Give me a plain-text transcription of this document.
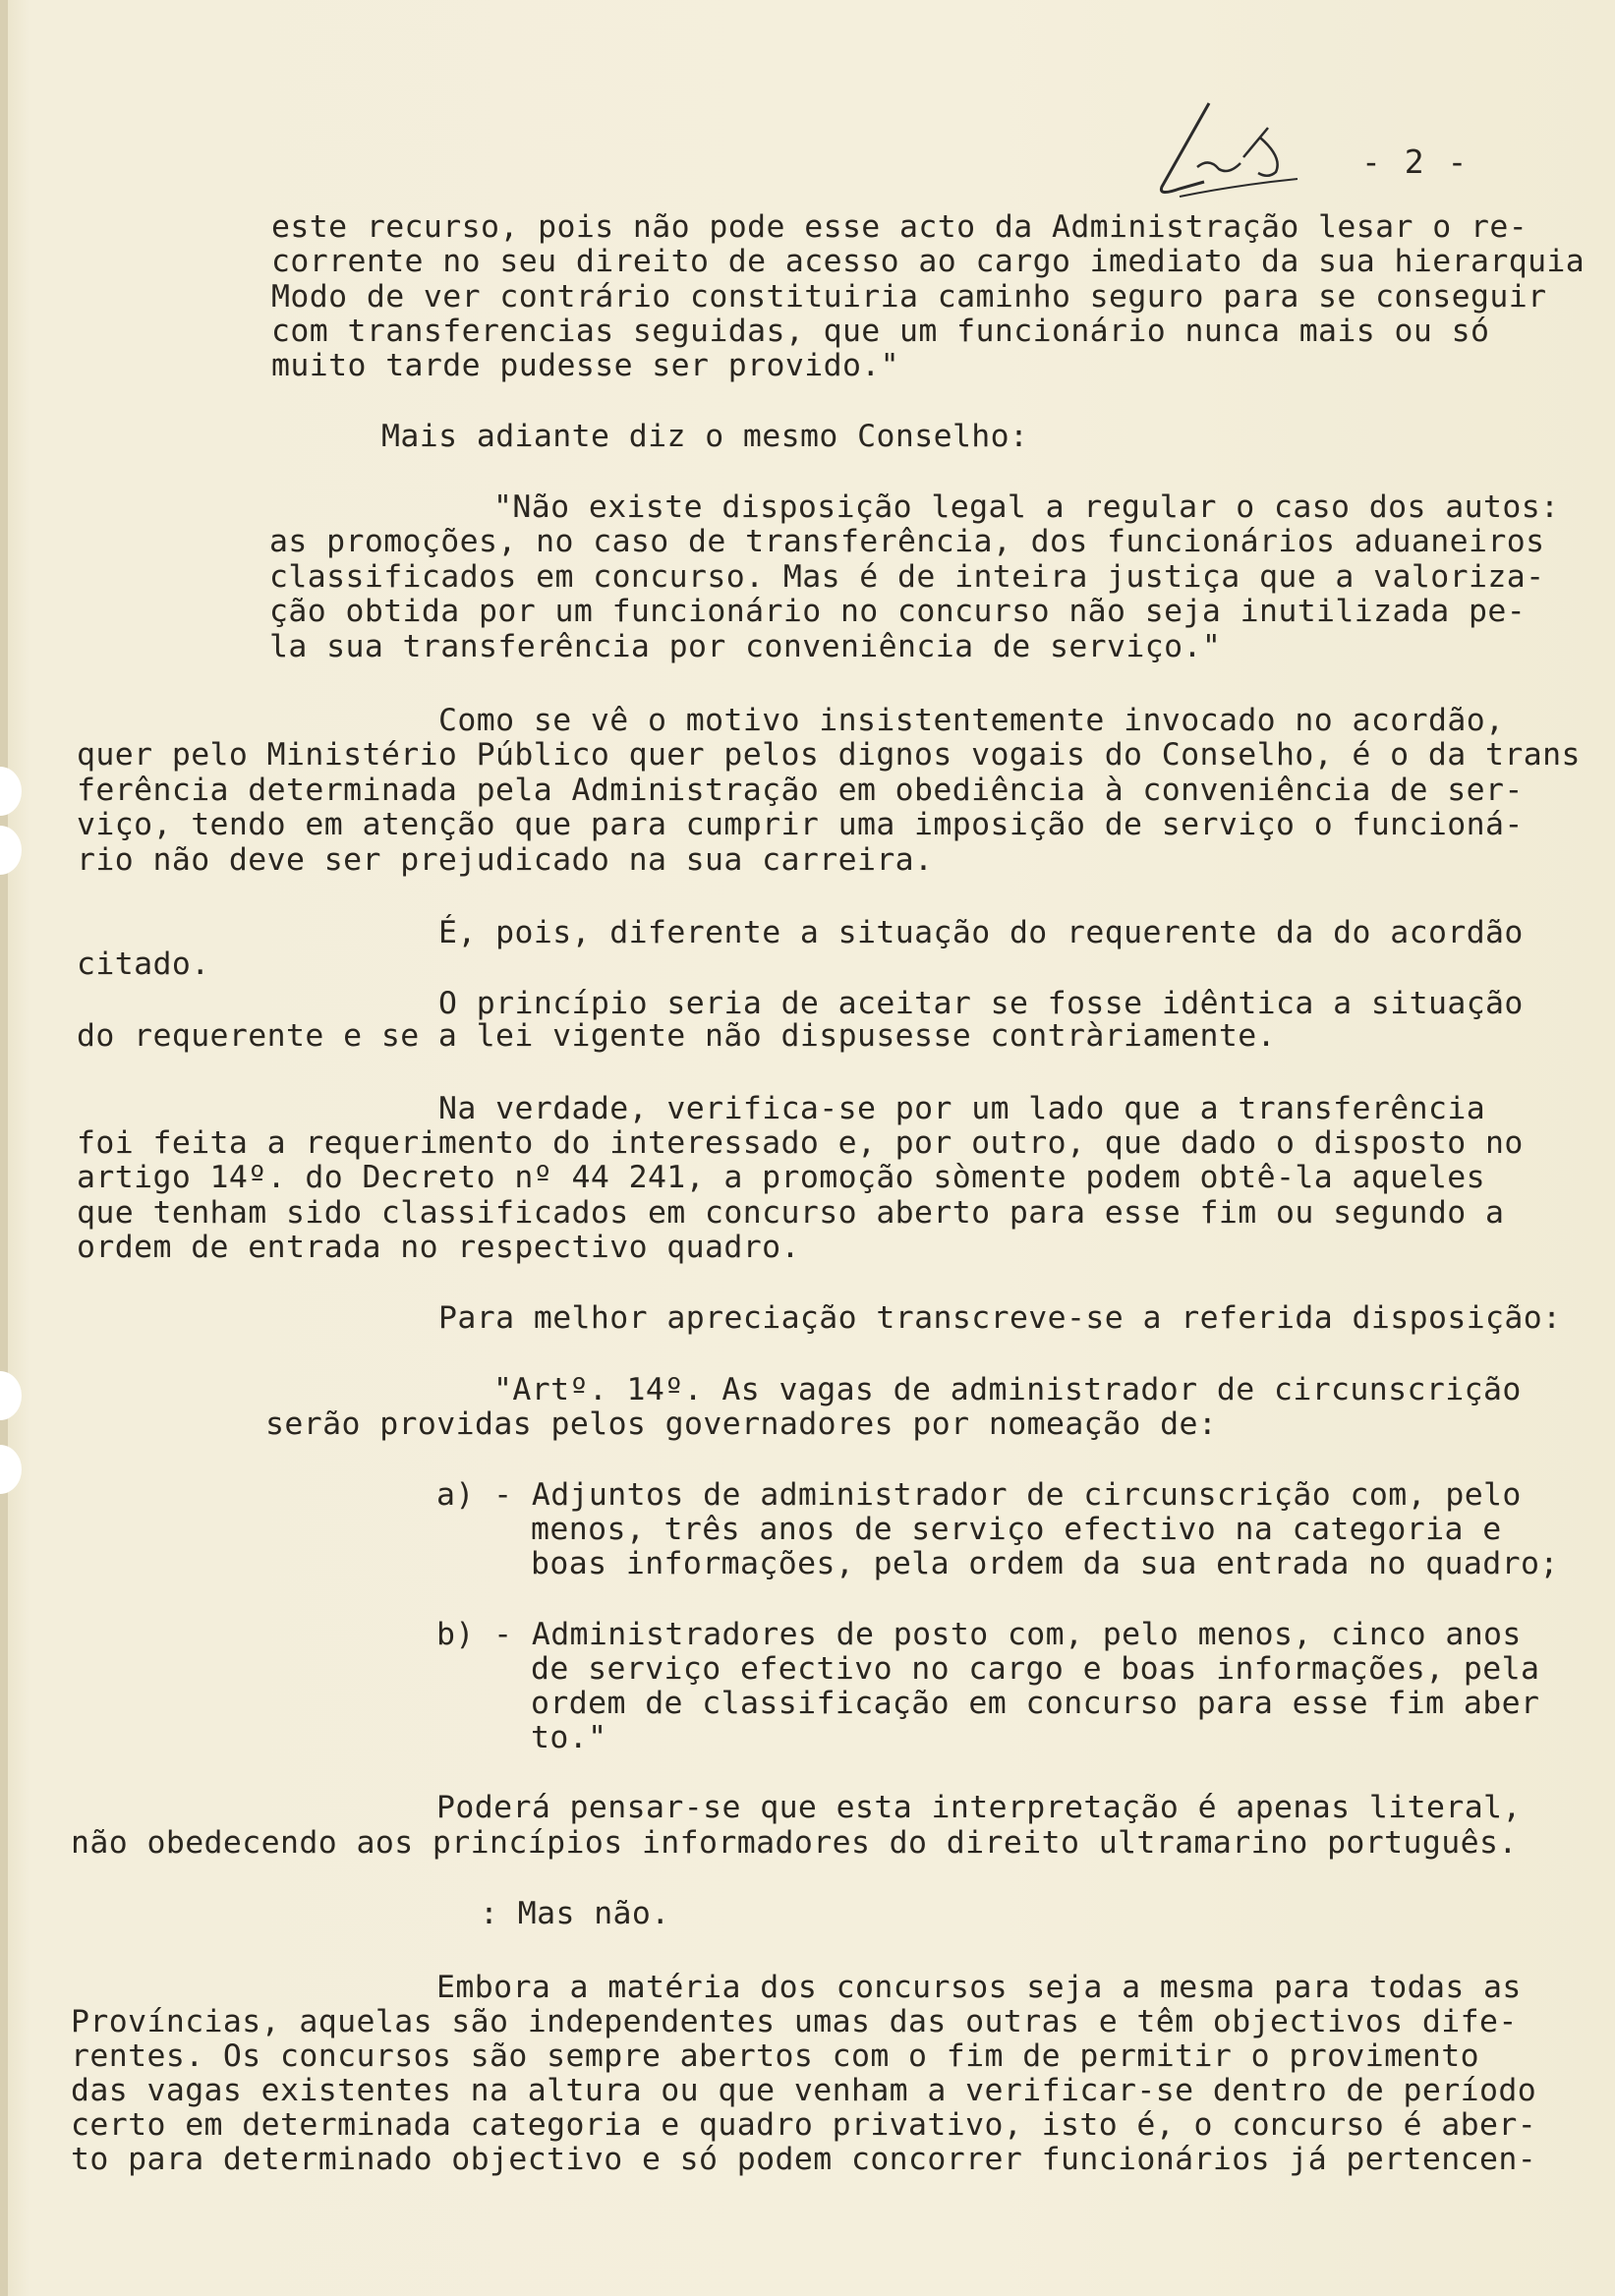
- 2 -
este recurso, pois não pode esse acto da Administração lesar o re-
corrente no seu direito de acesso ao cargo imediato da sua hierarquia
Modo de ver contrário constituiria caminho seguro para se conseguir
com transferencias seguidas, que um funcionário nunca mais ou só
muito tarde pudesse ser provido."
Mais adiante diz o mesmo Conselho:
"Não existe disposição legal a regular o caso dos autos:
as promoções, no caso de transferência, dos funcionários aduaneiros
classificados em concurso. Mas é de inteira justiça que a valoriza-
ção obtida por um funcionário no concurso não seja inutilizada pe-
la sua transferência por conveniência de serviço."
Como se vê o motivo insistentemente invocado no acordão,
quer pelo Ministério Público quer pelos dignos vogais do Conselho, é o da trans
ferência determinada pela Administração em obediência à conveniência de ser-
viço, tendo em atenção que para cumprir uma imposição de serviço o funcioná-
rio não deve ser prejudicado na sua carreira.
É, pois, diferente a situação do requerente da do acordão
citado.
O princípio seria de aceitar se fosse idêntica a situação
do requerente e se a lei vigente não dispusesse contràriamente.
Na verdade, verifica-se por um lado que a transferência
foi feita a requerimento do interessado e, por outro, que dado o disposto no
artigo 14º. do Decreto nº 44 241, a promoção sòmente podem obtê-la aqueles
que tenham sido classificados em concurso aberto para esse fim ou segundo a
ordem de entrada no respectivo quadro.
Para melhor apreciação transcreve-se a referida disposição:
"Artº. 14º. As vagas de administrador de circunscrição
serão providas pelos governadores por nomeação de:
a) - Adjuntos de administrador de circunscrição com, pelo
menos, três anos de serviço efectivo na categoria e
boas informações, pela ordem da sua entrada no quadro;
b) - Administradores de posto com, pelo menos, cinco anos
de serviço efectivo no cargo e boas informações, pela
ordem de classificação em concurso para esse fim aber
to."
Poderá pensar-se que esta interpretação é apenas literal,
não obedecendo aos princípios informadores do direito ultramarino português.
: Mas não.
Embora a matéria dos concursos seja a mesma para todas as
Províncias, aquelas são independentes umas das outras e têm objectivos dife-
rentes. Os concursos são sempre abertos com o fim de permitir o provimento
das vagas existentes na altura ou que venham a verificar-se dentro de período
certo em determinada categoria e quadro privativo, isto é, o concurso é aber-
to para determinado objectivo e só podem concorrer funcionários já pertencen-
